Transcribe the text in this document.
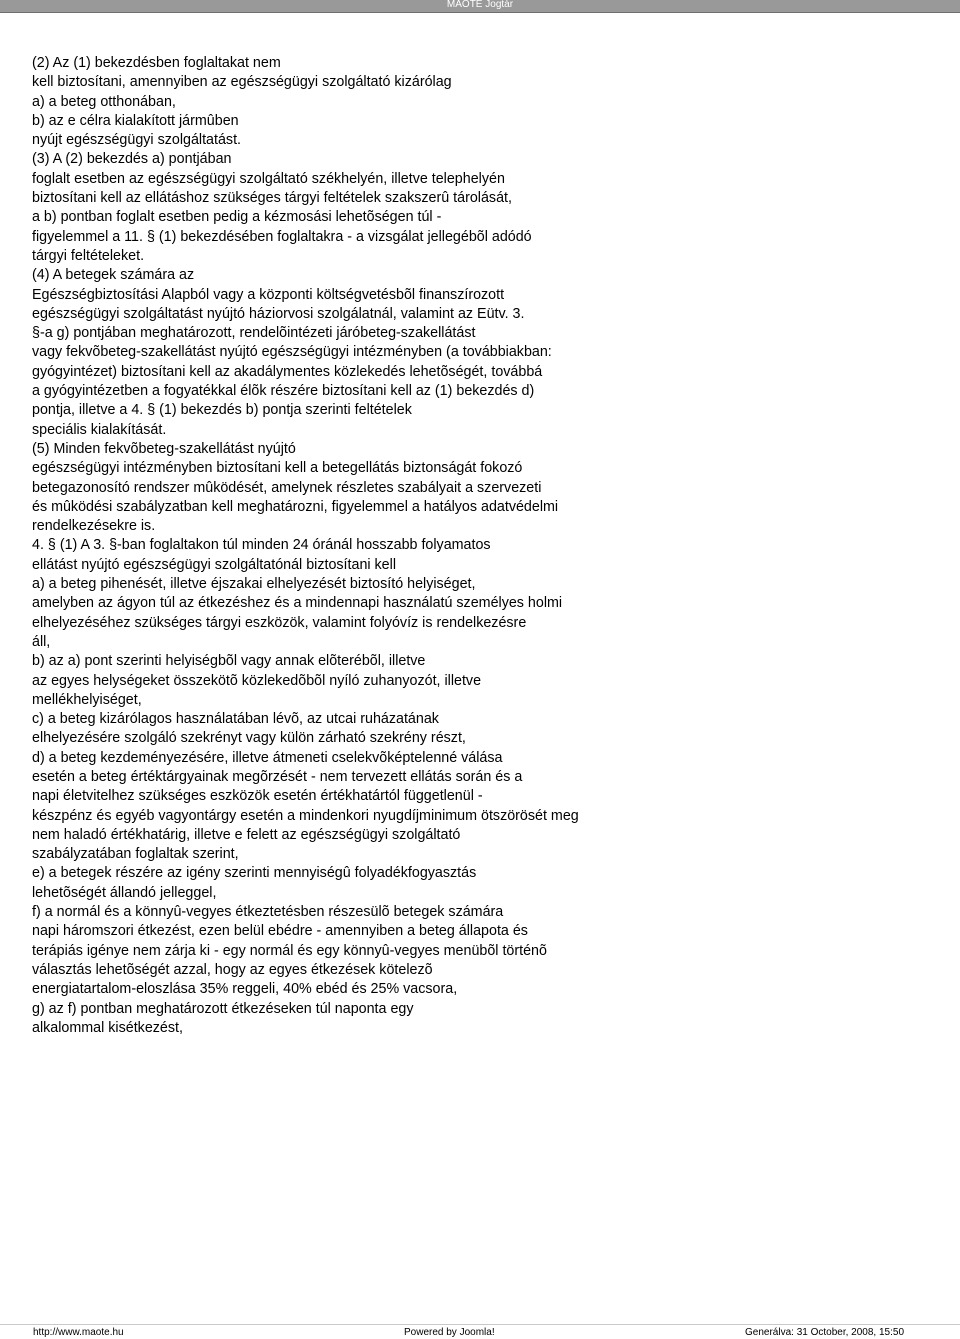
MAOTE Jogtár

(2) Az (1) bekezdésben foglaltakat nem
kell biztosítani, amennyiben az egészségügyi szolgáltató kizárólag

a) a beteg otthonában,

b) az e célra kialakított jármûben

nyújt egészségügyi szolgáltatást.

(3) A (2) bekezdés a) pontjában
foglalt esetben az egészségügyi szolgáltató székhelyén, illetve telephelyén
biztosítani kell az ellátáshoz szükséges tárgyi feltételek szakszerû tárolását,
a b) pontban foglalt esetben pedig a kézmosási lehetõségen túl -
figyelemmel a 11. § (1) bekezdésében foglaltakra - a vizsgálat jellegébõl adódó
tárgyi feltételeket.

(4) A betegek számára az
Egészségbiztosítási Alapból vagy a központi költségvetésbõl finanszírozott
egészségügyi szolgáltatást nyújtó háziorvosi szolgálatnál, valamint az Eütv. 3.
§-a g) pontjában meghatározott, rendelõintézeti járóbeteg-szakellátást
vagy fekvõbeteg-szakellátást nyújtó egészségügyi intézményben (a továbbiakban:
gyógyintézet) biztosítani kell az akadálymentes közlekedés lehetõségét, továbbá
a gyógyintézetben a fogyatékkal élõk részére biztosítani kell az (1) bekezdés d)
pontja, illetve a 4. § (1) bekezdés b) pontja szerinti feltételek
speciális kialakítását.

(5) Minden fekvõbeteg-szakellátást nyújtó
egészségügyi intézményben biztosítani kell a betegellátás biztonságát fokozó
betegazonosító rendszer mûködését, amelynek részletes szabályait a szervezeti
és mûködési szabályzatban kell meghatározni, figyelemmel a hatályos adatvédelmi
rendelkezésekre is.

4. § (1) A 3. §-ban foglaltakon túl minden 24 óránál hosszabb folyamatos
ellátást nyújtó egészségügyi szolgáltatónál biztosítani kell

a) a beteg pihenését, illetve éjszakai elhelyezését biztosító helyiséget,
amelyben az ágyon túl az étkezéshez és a mindennapi használatú személyes holmi
elhelyezéséhez szükséges tárgyi eszközök, valamint folyóvíz is rendelkezésre
áll,

b) az a) pont szerinti helyiségbõl vagy annak elõterébõl, illetve
az egyes helységeket összekötõ közlekedõbõl nyíló zuhanyozót, illetve
mellékhelyiséget,

c) a beteg kizárólagos használatában lévõ, az utcai ruházatának
elhelyezésére szolgáló szekrényt vagy külön zárható szekrény részt,

d) a beteg kezdeményezésére, illetve átmeneti cselekvõképtelenné válása
esetén a beteg értéktárgyainak megõrzését - nem tervezett ellátás során és a
napi életvitelhez szükséges eszközök esetén értékhatártól függetlenül -
készpénz és egyéb vagyontárgy esetén a mindenkori nyugdíjminimum ötszörösét meg
nem haladó értékhatárig, illetve e felett az egészségügyi szolgáltató
szabályzatában foglaltak szerint,

e) a betegek részére az igény szerinti mennyiségû folyadékfogyasztás
lehetõségét állandó jelleggel,

f) a normál és a könnyû-vegyes étkeztetésben részesülõ betegek számára
napi háromszori étkezést, ezen belül ebédre - amennyiben a beteg állapota és
terápiás igénye nem zárja ki - egy normál és egy könnyû-vegyes menübõl történõ
választás lehetõségét azzal, hogy az egyes étkezések kötelezõ
energiatartalom-eloszlása 35% reggeli, 40% ebéd és 25% vacsora,

g) az f) pontban meghatározott étkezéseken túl naponta egy
alkalommal kisétkezést,

http://www.maote.hu	Powered by Joomla!	Generálva: 31 October, 2008, 15:50
